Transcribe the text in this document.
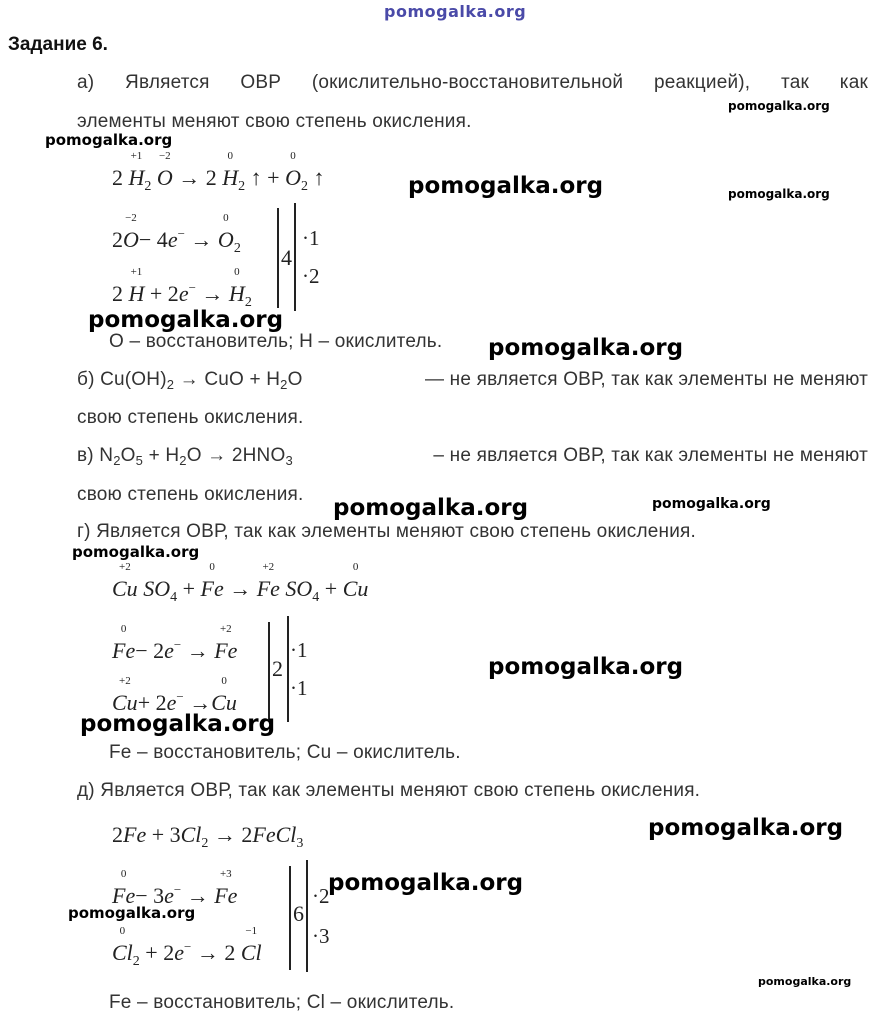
pomogalka.org
Задание 6.
а) Является ОВР (окислительно-восстановительной реакцией), так как
элементы меняют свою степень окисления.
2 H
+1
$_2$ O
−2
→ 2 H
0
$_2$ ↑ + O
0
$_2$ ↑
2O
−2
− 4e− → O
0
$_2$
2 H
+1
+ 2e− → H
0
$_2$
4
·1
·2
O – восстановитель; H – окислитель.
б) $Cu(OH)_2$ → CuO + $H_2O$	— не является ОВР, так как элементы не меняют
свою степень окисления.
в) $N_2O_5 + H_2O \to 2HNO_3$	– не является ОВР, так как элементы не меняют
свою степень окисления.
г) Является ОВР, так как элементы меняют свою степень окисления.
Cu
+2
$SO_4 + Fe$
0
→ Fe
+2
$SO_4 + Cu$
0
Fe
0
− 2e− → Fe
+2
Cu
+2
+ 2e− →Cu
0 2
·1
·1
Fe – восстановитель; Cu – окислитель.
д) Является ОВР, так как элементы меняют свою степень окисления.
$2Fe + 3Cl_2$ → 2FeCl$_3$
Fe
0
− 3e− → Fe
+3
Cl
0
$_2$ + 2e− → 2 Cl
−1
6
·2
·3
Fe – восстановитель; Cl – окислитель.
pomogalka.org
pomogalka.org
pomogalka.org	pomogalka.org
pomogalka.org
pomogalka.org
pomogalka.org	pomogalka.org
pomogalka.org
pomogalka.org
pomogalka.org
pomogalka.org
pomogalka.org
pomogalka.org
pomogalka.org
